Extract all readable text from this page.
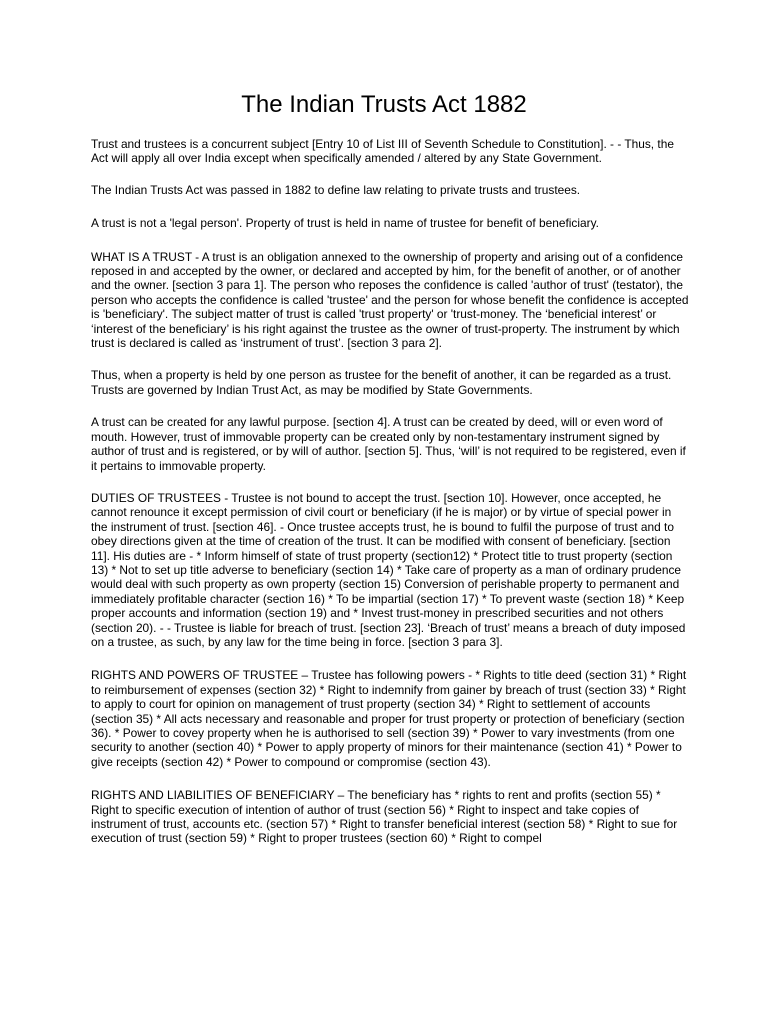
The Indian Trusts Act 1882

Trust and trustees is a concurrent subject [Entry 10 of List III of Seventh Schedule to Constitution]. - - Thus, the Act will apply all over India except when specifically amended / altered by any State Government.

The Indian Trusts Act was passed in 1882 to define law relating to private trusts and trustees.

A trust is not a 'legal person'. Property of trust is held in name of trustee for benefit of beneficiary.

WHAT IS A TRUST - A trust is an obligation annexed to the ownership of property and arising out of a confidence reposed in and accepted by the owner, or declared and accepted by him, for the benefit of another, or of another and the owner. [section 3 para 1]. The person who reposes the confidence is called 'author of trust' (testator), the person who accepts the confidence is called 'trustee' and the person for whose benefit the confidence is accepted is 'beneficiary'. The subject matter of trust is called 'trust property' or 'trust-money. The ‘beneficial interest’ or ‘interest of the beneficiary’ is his right against the trustee as the owner of trust-property. The instrument by which trust is declared is called as ‘instrument of trust’. [section 3 para 2].

Thus, when a property is held by one person as trustee for the benefit of another, it can be regarded as a trust. Trusts are governed by Indian Trust Act, as may be modified by State Governments.

A trust can be created for any lawful purpose. [section 4]. A trust can be created by deed, will or even word of mouth. However, trust of immovable property can be created only by non-testamentary instrument signed by author of trust and is registered, or by will of author. [section 5]. Thus, ‘will’ is not required to be registered, even if it pertains to immovable property.

DUTIES OF TRUSTEES - Trustee is not bound to accept the trust. [section 10]. However, once accepted, he cannot renounce it except permission of civil court or beneficiary (if he is major) or by virtue of special power in the instrument of trust. [section 46]. - Once trustee accepts trust, he is bound to fulfil the purpose of trust and to obey directions given at the time of creation of the trust. It can be modified with consent of beneficiary. [section 11]. His duties are - * Inform himself of state of trust property (section12) * Protect title to trust property (section 13) * Not to set up title adverse to beneficiary (section 14) * Take care of property as a man of ordinary prudence would deal with such property as own property (section 15) Conversion of perishable property to permanent and immediately profitable character (section 16) * To be impartial (section 17) * To prevent waste (section 18) * Keep proper accounts and information (section 19) and * Invest trust-money in prescribed securities and not others (section 20). - - Trustee is liable for breach of trust. [section 23]. ‘Breach of trust’ means a breach of duty imposed on a trustee, as such, by any law for the time being in force. [section 3 para 3].

RIGHTS AND POWERS OF TRUSTEE – Trustee has following powers - * Rights to title deed (section 31) * Right to reimbursement of expenses (section 32) * Right to indemnify from gainer by breach of trust (section 33) * Right to apply to court for opinion on management of trust property (section 34) * Right to settlement of accounts (section 35) * All acts necessary and reasonable and proper for trust property or protection of beneficiary (section 36). * Power to covey property when he is authorised to sell (section 39) * Power to vary investments (from one security to another (section 40) * Power to apply property of minors for their maintenance (section 41) * Power to give receipts (section 42) * Power to compound or compromise (section 43).

RIGHTS AND LIABILITIES OF BENEFICIARY – The beneficiary has * rights to rent and profits (section 55) * Right to specific execution of intention of author of trust (section 56) * Right to inspect and take copies of instrument of trust, accounts etc. (section 57) * Right to transfer beneficial interest (section 58) * Right to sue for execution of trust (section 59) * Right to proper trustees (section 60) * Right to compel
